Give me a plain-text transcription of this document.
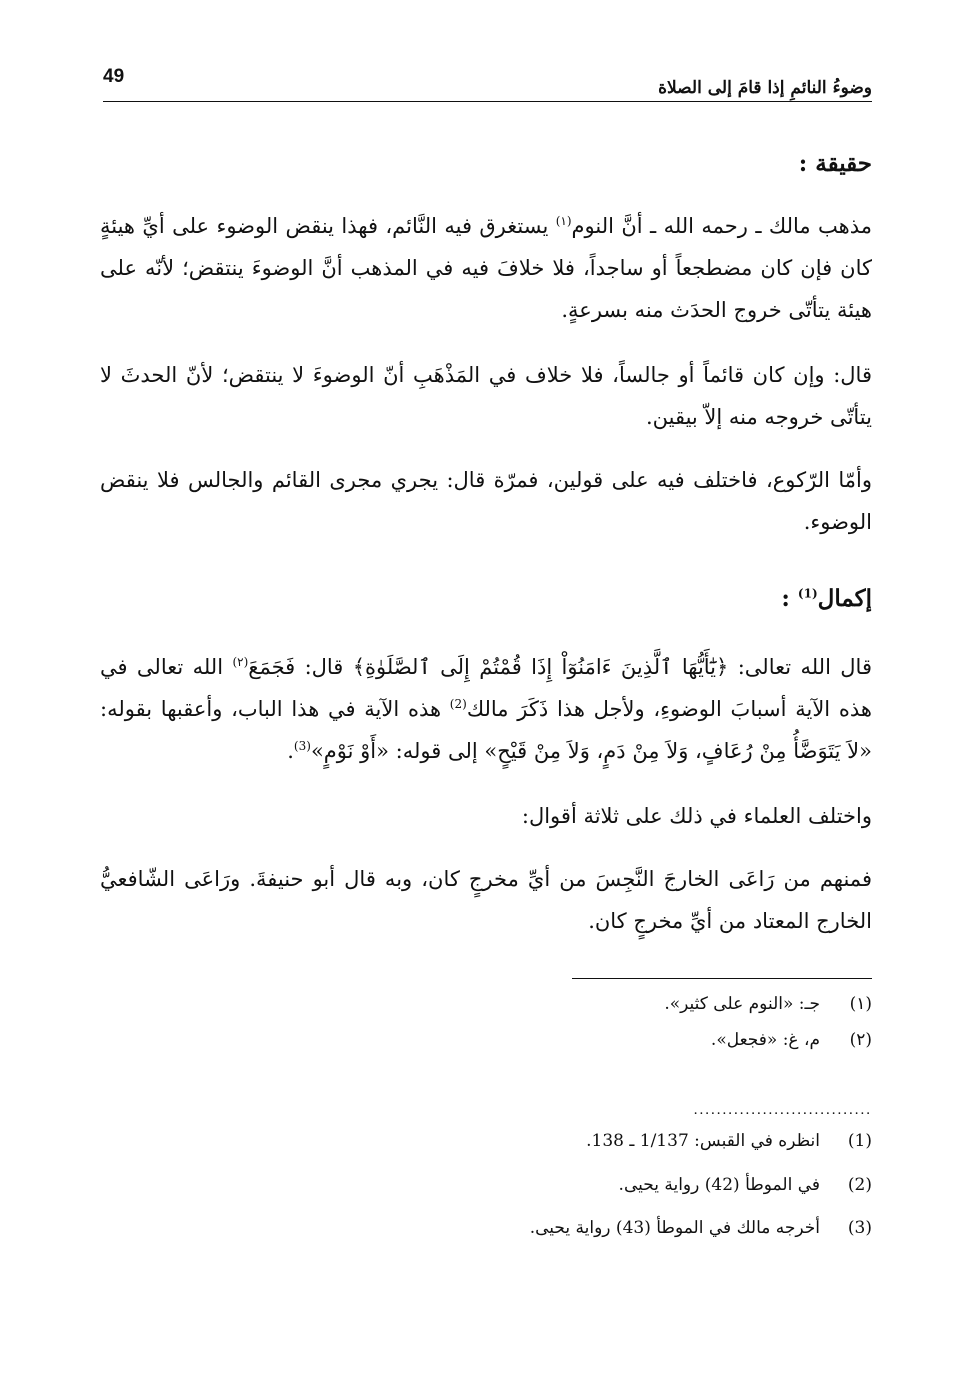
49
وضوءُ النائمِ إذا قامَ إلى الصلاة
حقيقة :
مذهب مالك ـ رحمه الله ـ أنَّ النوم$^{(١)}$ يستغرق فيه النَّائم، فهذا ينقض الوضوء على أيِّ هيئةٍ كان فإن كان مضطجعاً أو ساجداً، فلا خلافَ فيه في المذهب أنَّ الوضوءَ ينتقض؛ لأنّه على هيئة يتأتّى خروج الحدَث منه بسرعةٍ.
قال: وإن كان قائماً أو جالساً، فلا خلاف في المَذْهَبِ أنّ الوضوءَ لا ينتقض؛ لأنّ الحدثَ لا يتأتّى خروجه منه إلاّ بيقين.
وأمّا الرّكوع، فاختلف فيه على قولين، فمرّة قال: يجري مجرى القائم والجالس فلا ينقض الوضوء.
إكمال$^{(1)}$ :
قال الله تعالى: ﴿يَٰٓأَيُّهَا ٱلَّذِينَ ءَامَنُوٓاْ إِذَا قُمْتُمْ إِلَى ٱلصَّلَوٰةِ﴾ قال: فَجَمَعَ$^{(٢)}$ الله تعالى في هذه الآية أسبابَ الوضوءِ، ولأجل هذا ذَكَرَ مالك$^{(2)}$ هذه الآية في هذا الباب، وأعقبها بقوله: «لاَ يَتَوَضَّأُ مِنْ رُعَافٍ، وَلاَ مِنْ دَمٍ، وَلاَ مِنْ قَيْحٍ» إلى قوله: «أَوْ نَوْمٍ»$^{(3)}$.
واختلف العلماء في ذلك على ثلاثة أقوال:
فمنهم من رَاعَى الخارجَ النَّجِسَ من أيِّ مخرجٍ كان، وبه قال أبو حنيفةَ. ورَاعَى الشّافعيُّ الخارج المعتاد من أيِّ مخرجٍ كان.
(١)جـ: «النوم على كثير».
(٢)م، غ: «فجعل».
...............................
(1)انظره في القبس: 1/137 ـ 138.
(2)في الموطأ (42) رواية يحيى.
(3)أخرجه مالك في الموطأ (43) رواية يحيى.
